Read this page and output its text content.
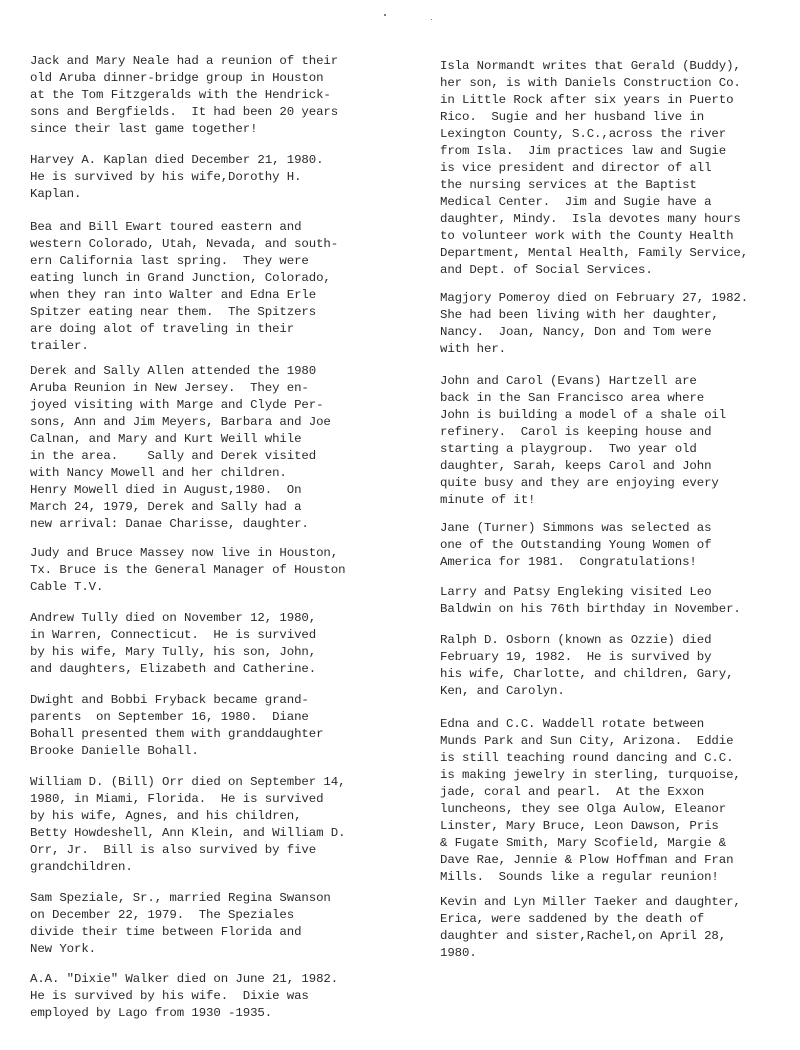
Jack and Mary Neale had a reunion of their
old Aruba dinner-bridge group in Houston
at the Tom Fitzgeralds with the Hendrick-
sons and Bergfields.  It had been 20 years
since their last game together!
Harvey A. Kaplan died December 21, 1980.
He is survived by his wife,Dorothy H.
Kaplan.
Bea and Bill Ewart toured eastern and
western Colorado, Utah, Nevada, and south-
ern California last spring.  They were
eating lunch in Grand Junction, Colorado,
when they ran into Walter and Edna Erle
Spitzer eating near them.  The Spitzers
are doing alot of traveling in their
trailer.
Derek and Sally Allen attended the 1980
Aruba Reunion in New Jersey.  They en-
joyed visiting with Marge and Clyde Per-
sons, Ann and Jim Meyers, Barbara and Joe
Calnan, and Mary and Kurt Weill while
in the area.    Sally and Derek visited
with Nancy Mowell and her children.
Henry Mowell died in August,1980.  On
March 24, 1979, Derek and Sally had a
new arrival: Danae Charisse, daughter.
Judy and Bruce Massey now live in Houston,
Tx. Bruce is the General Manager of Houston
Cable T.V.
Andrew Tully died on November 12, 1980,
in Warren, Connecticut.  He is survived
by his wife, Mary Tully, his son, John,
and daughters, Elizabeth and Catherine.
Dwight and Bobbi Fryback became grand-
parents  on September 16, 1980.  Diane
Bohall presented them with granddaughter
Brooke Danielle Bohall.
William D. (Bill) Orr died on September 14,
1980, in Miami, Florida.  He is survived
by his wife, Agnes, and his children,
Betty Howdeshell, Ann Klein, and William D.
Orr, Jr.  Bill is also survived by five
grandchildren.
Sam Speziale, Sr., married Regina Swanson
on December 22, 1979.  The Speziales
divide their time between Florida and
New York.
A.A. "Dixie" Walker died on June 21, 1982.
He is survived by his wife.  Dixie was
employed by Lago from 1930 -1935.
Isla Normandt writes that Gerald (Buddy),
her son, is with Daniels Construction Co.
in Little Rock after six years in Puerto
Rico.  Sugie and her husband live in
Lexington County, S.C.,across the river
from Isla.  Jim practices law and Sugie
is vice president and director of all
the nursing services at the Baptist
Medical Center.  Jim and Sugie have a
daughter, Mindy.  Isla devotes many hours
to volunteer work with the County Health
Department, Mental Health, Family Service,
and Dept. of Social Services.
Magjory Pomeroy died on February 27, 1982.
She had been living with her daughter,
Nancy.  Joan, Nancy, Don and Tom were
with her.
John and Carol (Evans) Hartzell are
back in the San Francisco area where
John is building a model of a shale oil
refinery.  Carol is keeping house and
starting a playgroup.  Two year old
daughter, Sarah, keeps Carol and John
quite busy and they are enjoying every
minute of it!
Jane (Turner) Simmons was selected as
one of the Outstanding Young Women of
America for 1981.  Congratulations!
Larry and Patsy Engleking visited Leo
Baldwin on his 76th birthday in November.
Ralph D. Osborn (known as Ozzie) died
February 19, 1982.  He is survived by
his wife, Charlotte, and children, Gary,
Ken, and Carolyn.
Edna and C.C. Waddell rotate between
Munds Park and Sun City, Arizona.  Eddie
is still teaching round dancing and C.C.
is making jewelry in sterling, turquoise,
jade, coral and pearl.  At the Exxon
luncheons, they see Olga Aulow, Eleanor
Linster, Mary Bruce, Leon Dawson, Pris
& Fugate Smith, Mary Scofield, Margie &
Dave Rae, Jennie & Plow Hoffman and Fran
Mills.  Sounds like a regular reunion!
Kevin and Lyn Miller Taeker and daughter,
Erica, were saddened by the death of
daughter and sister,Rachel,on April 28,
1980.
